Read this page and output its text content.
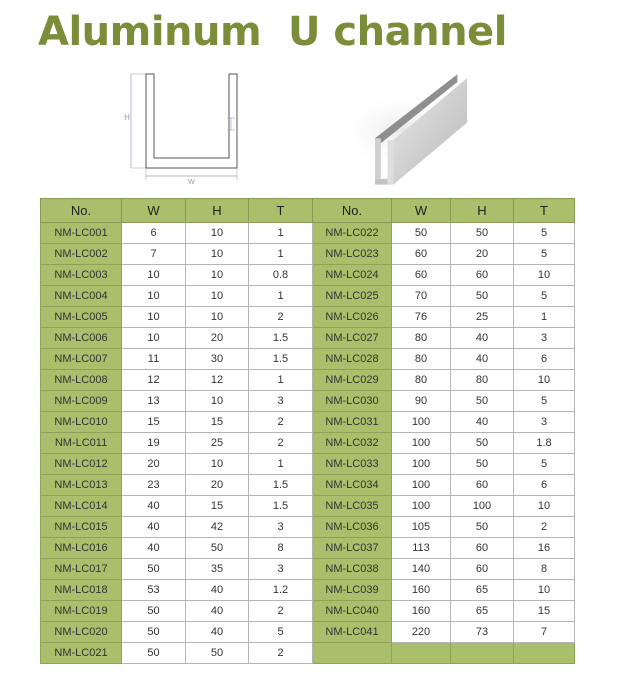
Aluminum  U channel
H
W
No.	W	H	T	No.	W	H	T
NM-LC001	6	10	1	NM-LC022	50	50	5
NM-LC002	7	10	1	NM-LC023	60	20	5
NM-LC003	10	10	0.8	NM-LC024	60	60	10
NM-LC004	10	10	1	NM-LC025	70	50	5
NM-LC005	10	10	2	NM-LC026	76	25	1
NM-LC006	10	20	1.5	NM-LC027	80	40	3
NM-LC007	11	30	1.5	NM-LC028	80	40	6
NM-LC008	12	12	1	NM-LC029	80	80	10
NM-LC009	13	10	3	NM-LC030	90	50	5
NM-LC010	15	15	2	NM-LC031	100	40	3
NM-LC011	19	25	2	NM-LC032	100	50	1.8
NM-LC012	20	10	1	NM-LC033	100	50	5
NM-LC013	23	20	1.5	NM-LC034	100	60	6
NM-LC014	40	15	1.5	NM-LC035	100	100	10
NM-LC015	40	42	3	NM-LC036	105	50	2
NM-LC016	40	50	8	NM-LC037	113	60	16
NM-LC017	50	35	3	NM-LC038	140	60	8
NM-LC018	53	40	1.2	NM-LC039	160	65	10
NM-LC019	50	40	2	NM-LC040	160	65	15
NM-LC020	50	40	5	NM-LC041	220	73	7
NM-LC021	50	50	2				
